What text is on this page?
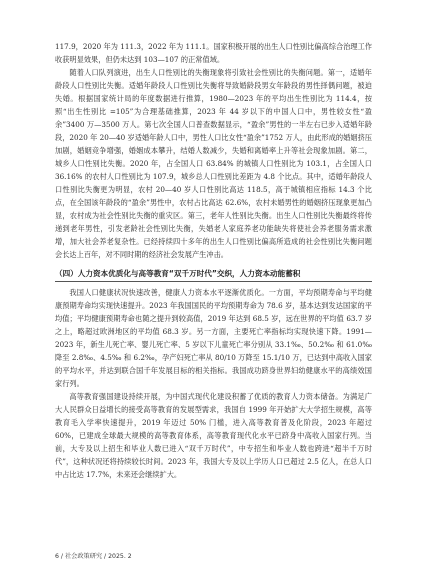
117.9，2020 年为 111.3，2022 年为 111.1。国家积极开展的出生人口性别比偏高综合治理工作收获明显效果，但仍未达到 103—107 的正常值域。

随着人口队列演进，出生人口性别比的失衡现象将引致社会性别比的失衡问题。第一，适婚年龄段人口性别比失衡。适婚年龄段人口性别比失衡将导致婚龄段男女年龄段的男性择偶问题，被迫失婚。根据国家统计局的年度数据进行推算，1980—2023 年的平均出生性别比为 114.4，按照“出生性别比 =105”为合理基础推算，2023 年 44 岁以下的中国人口中，男性较女性“盈余”3400 万—3500 万人。第七次全国人口普查数据显示，“盈余”男性的一半左右已步入适婚年龄段，2020 年 20—40 岁适婚年龄人口中，男性人口比女性“盈余”1752 万人，由此形成的婚姻挤压加剧，婚姻竞争增强，婚姻成本攀升，结婚人数减少，失婚和离婚率上升等社会现象加剧。第二，城乡人口性别比失衡。2020 年，占全国人口 63.84% 的城镇人口性别比为 103.1，占全国人口 36.16% 的农村人口性别比为 107.9，城乡总人口性别比差距为 4.8 个比点。其中，适婚年龄段人口性别比失衡更为明显，农村 20—40 岁人口性别比高达 118.5，高于城镇相应指标 14.3 个比点，在全国该年龄段的“盈余”男性中，农村占比高达 62.6%，农村未婚男性的婚姻挤压现象更加凸显，农村成为社会性别比失衡的重灾区。第三，老年人性别比失衡。出生人口性别比失衡最终将传递到老年男性，引发老龄社会性别比失衡，失婚老人家庭养老功能缺失将使社会养老服务需求激增，加大社会养老复杂性。已经持续四十多年的出生人口性别比偏高所造成的社会性别比失衡问题会长达上百年，对不同时期的经济社会发展产生冲击。

（四）人力资本优质化与高等教育“双千万时代”交织，人力资本动能蓄积

我国人口健康状况快速改善，健康人力资本水平逐渐优质化。一方面，平均预期寿命与平均健康预期寿命均实现快速提升。2023 年我国国民的平均预期寿命为 78.6 岁，基本达到发达国家的平均值；平均健康预期寿命也随之提升到较高值，2019 年达到 68.5 岁，远在世界的平均值 63.7 岁之上，略超过欧洲地区的平均值 68.3 岁。另一方面，主要死亡率指标均实现快速下降。1991—2023 年，新生儿死亡率、婴儿死亡率、5 岁以下儿童死亡率分别从 33.1‰、50.2‰ 和 61.0‰ 降至 2.8‰、4.5‰ 和 6.2‰，孕产妇死亡率从 80/10 万降至 15.1/10 万，已达到中高收入国家的平均水平，并达到联合国千年发展目标的相关指标。我国成功跻身世界妇幼健康水平的高绩效国家行列。

高等教育强国建设持续开展，为中国式现代化建设积蓄了优质的教育人力资本储备。为满足广大人民群众日益增长的接受高等教育的发展型需求，我国自 1999 年开始扩大大学招生规模，高等教育毛入学率快速提升，2019 年迈过 50% 门槛，进入高等教育普及化阶段，2023 年超过 60%，已建成全球最大规模的高等教育体系，高等教育现代化水平已跻身中高收入国家行列。当前，大专及以上招生和毕业人数已进入“双千万时代”，中专招生和毕业人数也跨进“超半千万时代”，这种状况还将持续较长时间。2023 年，我国大专及以上学历人口已超过 2.5 亿人，在总人口中占比达 17.7%，未来还会继续扩大。

6 / 社会政策研究 / 2025. 2
